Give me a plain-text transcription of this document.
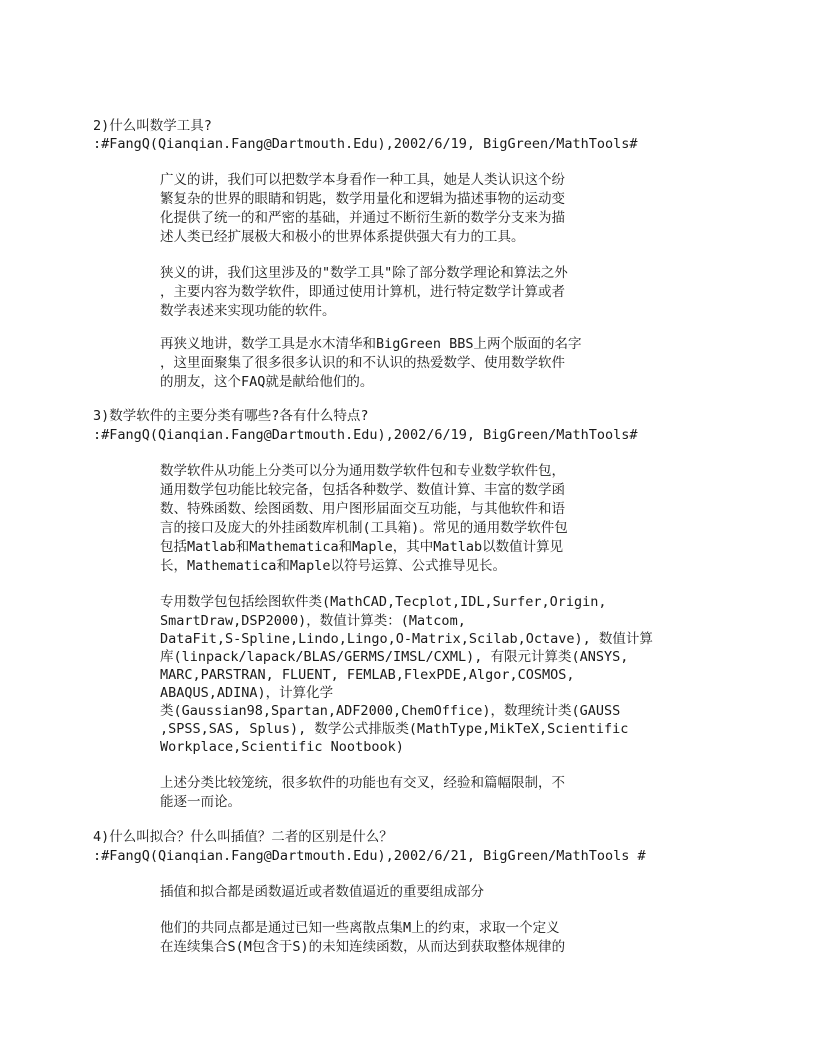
2)什么叫数学工具?
:#FangQ(Qianqian.Fang@Dartmouth.Edu),2002/6/19, BigGreen/MathTools#
广义的讲，我们可以把数学本身看作一种工具，她是人类认识这个纷
繁复杂的世界的眼睛和钥匙，数学用量化和逻辑为描述事物的运动变
化提供了统一的和严密的基础，并通过不断衍生新的数学分支来为描
述人类已经扩展极大和极小的世界体系提供强大有力的工具。
狭义的讲，我们这里涉及的"数学工具"除了部分数学理论和算法之外
，主要内容为数学软件，即通过使用计算机，进行特定数学计算或者
数学表述来实现功能的软件。
再狭义地讲，数学工具是水木清华和BigGreen BBS上两个版面的名字
，这里面聚集了很多很多认识的和不认识的热爱数学、使用数学软件
的朋友，这个FAQ就是献给他们的。
3)数学软件的主要分类有哪些?各有什么特点?
:#FangQ(Qianqian.Fang@Dartmouth.Edu),2002/6/19, BigGreen/MathTools#
数学软件从功能上分类可以分为通用数学软件包和专业数学软件包，
通用数学包功能比较完备，包括各种数学、数值计算、丰富的数学函
数、特殊函数、绘图函数、用户图形届面交互功能，与其他软件和语
言的接口及庞大的外挂函数库机制(工具箱)。常见的通用数学软件包
包括Matlab和Mathematica和Maple，其中Matlab以数值计算见
长，Mathematica和Maple以符号运算、公式推导见长。
专用数学包包括绘图软件类(MathCAD,Tecplot,IDL,Surfer,Origin,
SmartDraw,DSP2000)，数值计算类：(Matcom,
DataFit,S-Spline,Lindo,Lingo,O-Matrix,Scilab,Octave), 数值计算
库(linpack/lapack/BLAS/GERMS/IMSL/CXML), 有限元计算类(ANSYS,
MARC,PARSTRAN, FLUENT, FEMLAB,FlexPDE,Algor,COSMOS,
ABAQUS,ADINA)，计算化学
类(Gaussian98,Spartan,ADF2000,ChemOffice)，数理统计类(GAUSS
,SPSS,SAS, Splus), 数学公式排版类(MathType,MikTeX,Scientific
Workplace,Scientific Nootbook)
上述分类比较笼统，很多软件的功能也有交叉，经验和篇幅限制，不
能逐一而论。
4)什么叫拟合？什么叫插值？二者的区别是什么？
:#FangQ(Qianqian.Fang@Dartmouth.Edu),2002/6/21, BigGreen/MathTools #
插值和拟合都是函数逼近或者数值逼近的重要组成部分
他们的共同点都是通过已知一些离散点集M上的约束，求取一个定义
在连续集合S(M包含于S)的未知连续函数，从而达到获取整体规律的
